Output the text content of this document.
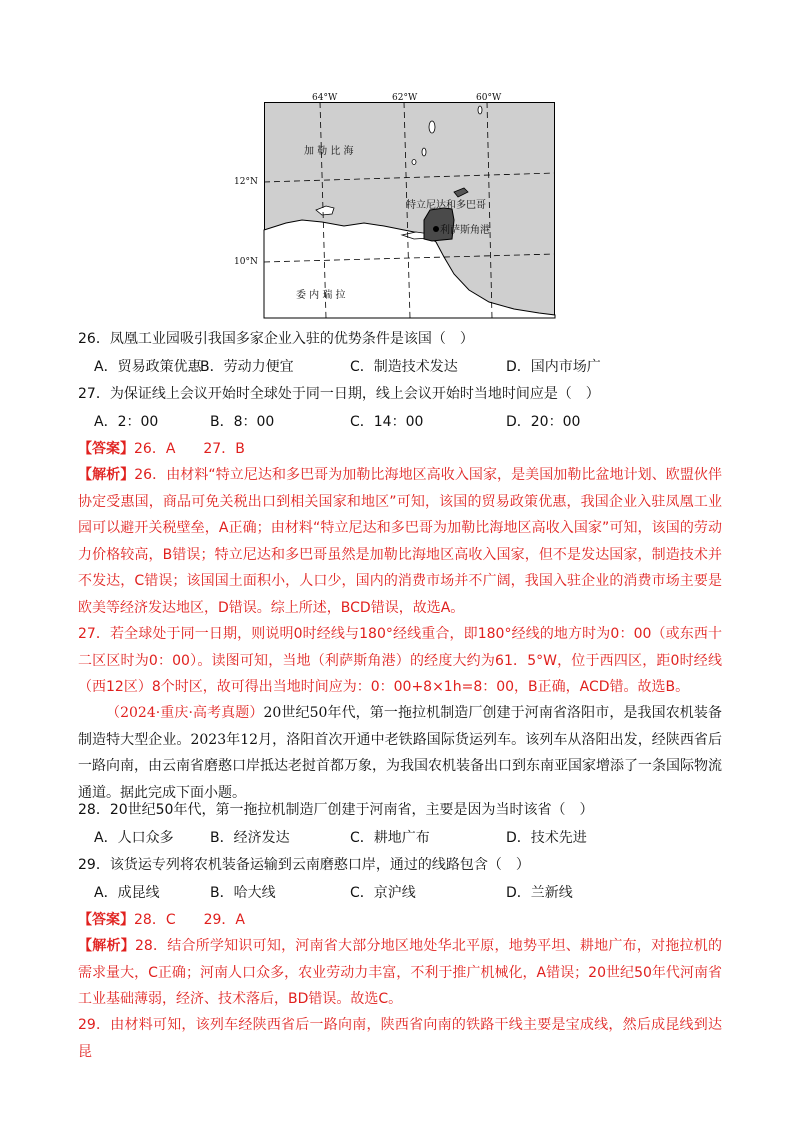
64°W	62°W	60°W
12°N
10°N
加 勒 比 海
特立尼达和多巴哥
利萨斯角港
委 内 瑞 拉
26．凤凰工业园吸引我国多家企业入驻的优势条件是该国（　）
A．贸易政策优惠
B．劳动力便宜	C．制造技术发达	D．国内市场广
27．为保证线上会议开始时全球处于同一日期，线上会议开始时当地时间应是（　）
A．2：00	B．8：00	C．14：00	D．20：00
【答案】26．A　　27．B
【解析】26．由材料“特立尼达和多巴哥为加勒比海地区高收入国家，是美国加勒比盆地计划、欧盟伙伴协定受惠国，商品可免关税出口到相关国家和地区”可知，该国的贸易政策优惠，我国企业入驻凤凰工业园可以避开关税壁垒，A正确；由材料“特立尼达和多巴哥为加勒比海地区高收入国家”可知，该国的劳动力价格较高，B错误；特立尼达和多巴哥虽然是加勒比海地区高收入国家，但不是发达国家，制造技术并不发达，C错误；该国国土面积小，人口少，国内的消费市场并不广阔，我国入驻企业的消费市场主要是欧美等经济发达地区，D错误。综上所述，BCD错误，故选A。
27．若全球处于同一日期，则说明0时经线与180°经线重合，即180°经线的地方时为0：00（或东西十二区区时为0：00）。读图可知，当地（利萨斯角港）的经度大约为61．5°W，位于西四区，距0时经线（西12区）8个时区，故可得出当地时间应为：0：00+8×1h=8：00，B正确，ACD错。故选B。
（2024·重庆·高考真题）20世纪50年代，第一拖拉机制造厂创建于河南省洛阳市，是我国农机装备制造特大型企业。2023年12月，洛阳首次开通中老铁路国际货运列车。该列车从洛阳出发，经陕西省后一路向南，由云南省磨憨口岸抵达老挝首都万象，为我国农机装备出口到东南亚国家增添了一条国际物流通道。据此完成下面小题。
28．20世纪50年代，第一拖拉机制造厂创建于河南省，主要是因为当时该省（　）
A．人口众多	B．经济发达	C．耕地广布	D．技术先进
29．该货运专列将农机装备运输到云南磨憨口岸，通过的线路包含（　）
A．成昆线	B．哈大线	C．京沪线	D．兰新线
【答案】28．C　　29．A
【解析】28．结合所学知识可知，河南省大部分地区地处华北平原，地势平坦、耕地广布，对拖拉机的需求量大，C正确；河南人口众多，农业劳动力丰富，不利于推广机械化，A错误；20世纪50年代河南省工业基础薄弱，经济、技术落后，BD错误。故选C。
29．由材料可知，该列车经陕西省后一路向南，陕西省向南的铁路干线主要是宝成线，然后成昆线到达昆
